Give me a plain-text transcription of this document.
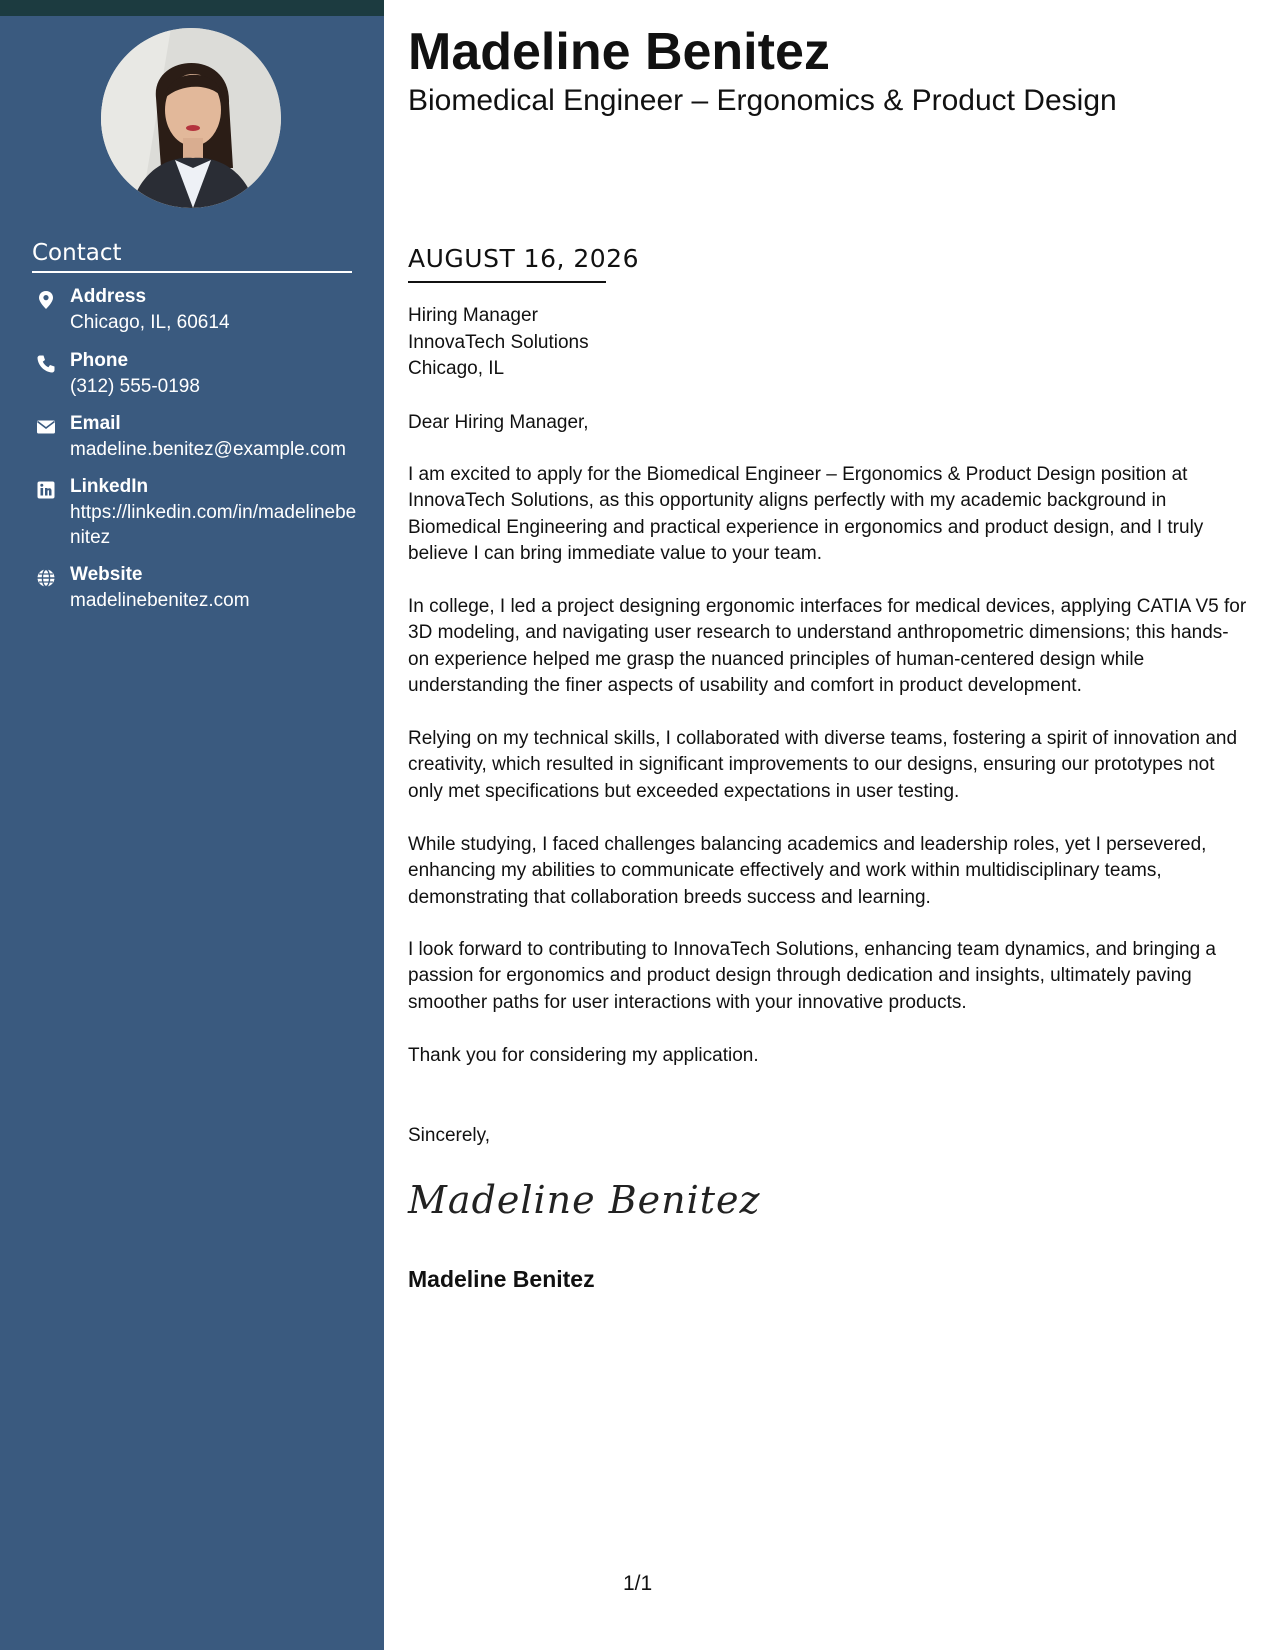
Contact
Address
Chicago, IL, 60614
Phone
(312) 555-0198
Email
madeline.benitez@example.com
LinkedIn
https://linkedin.com/in/madelinebenitez
Website
madelinebenitez.com
Madeline Benitez
Biomedical Engineer – Ergonomics & Product Design
AUGUST 16, 2026
Hiring Manager
InnovaTech Solutions
Chicago, IL
Dear Hiring Manager,
I am excited to apply for the Biomedical Engineer – Ergonomics & Product Design position at InnovaTech Solutions, as this opportunity aligns perfectly with my academic background in Biomedical Engineering and practical experience in ergonomics and product design, and I truly believe I can bring immediate value to your team.
In college, I led a project designing ergonomic interfaces for medical devices, applying CATIA V5 for 3D modeling, and navigating user research to understand anthropometric dimensions; this hands-on experience helped me grasp the nuanced principles of human-centered design while understanding the finer aspects of usability and comfort in product development.
Relying on my technical skills, I collaborated with diverse teams, fostering a spirit of innovation and creativity, which resulted in significant improvements to our designs, ensuring our prototypes not only met specifications but exceeded expectations in user testing.
While studying, I faced challenges balancing academics and leadership roles, yet I persevered, enhancing my abilities to communicate effectively and work within multidisciplinary teams, demonstrating that collaboration breeds success and learning.
I look forward to contributing to InnovaTech Solutions, enhancing team dynamics, and bringing a passion for ergonomics and product design through dedication and insights, ultimately paving smoother paths for user interactions with your innovative products.
Thank you for considering my application.
Sincerely,
Madeline Benitez
Madeline Benitez
1/1
